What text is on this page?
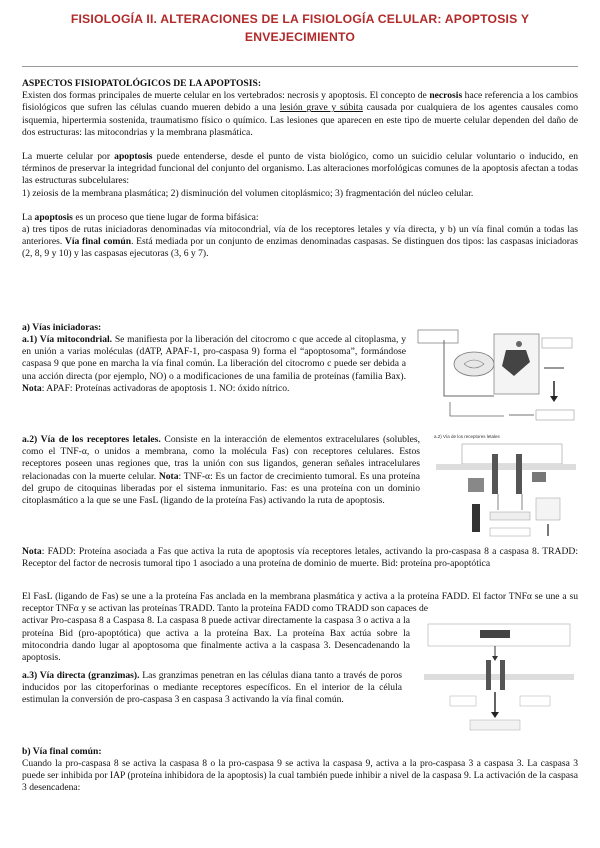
FISIOLOGÍA II. ALTERACIONES DE LA FISIOLOGÍA CELULAR: APOPTOSIS Y
ENVEJECIMIENTO
ASPECTOS FISIOPATOLÓGICOS DE LA APOPTOSIS:
Existen dos formas principales de muerte celular en los vertebrados: necrosis y apoptosis. El concepto de necrosis hace referencia a los cambios fisiológicos que sufren las células cuando mueren debido a una lesión grave y súbita causada por cualquiera de los agentes causales como isquemia, hipertermia sostenida, traumatismo físico o químico. Las lesiones que aparecen en este tipo de muerte celular dependen del daño de dos estructuras: las mitocondrias y la membrana plasmática.
La muerte celular por apoptosis puede entenderse, desde el punto de vista biológico, como un suicidio celular voluntario o inducido, en términos de preservar la integridad funcional del conjunto del organismo. Las alteraciones morfológicas comunes de la apoptosis afectan a todas las estructuras subcelulares:
1) zeiosis de la membrana plasmática; 2) disminución del volumen citoplásmico; 3) fragmentación del núcleo celular.
La apoptosis es un proceso que tiene lugar de forma bifásica:
a) tres tipos de rutas iniciadoras denominadas vía mitocondrial, vía de los receptores letales y vía directa, y b) un vía final común a todas las anteriores. Vía final común. Está mediada por un conjunto de enzimas denominadas caspasas. Se distinguen dos tipos: las caspasas iniciadoras (2, 8, 9 y 10) y las caspasas ejecutoras (3, 6 y 7).
a) Vías iniciadoras:
a.1) Vía mitocondrial. Se manifiesta por la liberación del citocromo c que accede al citoplasma, y en unión a varias moléculas (dATP, APAF-1, pro-caspasa 9) forma el “apoptosoma”, formándose caspasa 9 que pone en marcha la vía final común. La liberación del citocromo c puede ser debida a una acción directa (por ejemplo, NO) o a modificaciones de una familia de proteínas (familia Bax). Nota: APAF: Proteínas activadoras de apoptosis 1. NO: óxido nítrico.
a.2) Vía de los receptores letales. Consiste en la interacción de elementos extracelulares (solubles, como el TNF-α, o unidos a membrana, como la molécula Fas) con receptores celulares. Estos receptores poseen unas regiones que, tras la unión con sus ligandos, generan señales intracelulares relacionadas con la muerte celular. Nota: TNF-α: Es un factor de crecimiento tumoral. Es una proteína del grupo de citoquinas liberadas por el sistema inmunitario. Fas: es una proteína con un dominio citoplasmático a la que se une FasL (ligando de la proteína Fas) activando la ruta de apoptosis.
a.2) Vía de los receptores letales
Nota: FADD: Proteína asociada a Fas que activa la ruta de apoptosis vía receptores letales, activando la pro-caspasa 8 a caspasa 8. TRADD: Receptor del factor de necrosis tumoral tipo 1 asociado a una proteína de dominio de muerte. Bid: proteína pro-apoptótica
El FasL (ligando de Fas) se une a la proteína Fas anclada en la membrana plasmática y activa a la proteína FADD. El factor TNFα se une a su receptor TNFα y se activan las proteínas TRADD. Tanto la proteína FADD como TRADD son capaces de
activar Pro-caspasa 8 a Caspasa 8. La caspasa 8 puede activar directamente la caspasa 3 o activa a la proteína Bid (pro-apoptótica) que activa a la proteína Bax. La proteína Bax actúa sobre la mitocondria dando lugar al apoptosoma que finalmente activa a la caspasa 3. Desencadenando la apoptosis.
a.3) Vía directa (granzimas). Las granzimas penetran en las células diana tanto a través de poros inducidos por las citoperforinas o mediante receptores específicos. En el interior de la célula estimulan la conversión de pro-caspasa 3 en caspasa 3 activando la vía final común.
b) Vía final común:
Cuando la pro-caspasa 8 se activa la caspasa 8 o la pro-caspasa 9 se activa la caspasa 9, activa a la pro-caspasa 3 a caspasa 3. La caspasa 3 puede ser inhibida por IAP (proteína inhibidora de la apoptosis) la cual también puede inhibir a nivel de la caspasa 9. La activación de la caspasa 3 desencadena:
